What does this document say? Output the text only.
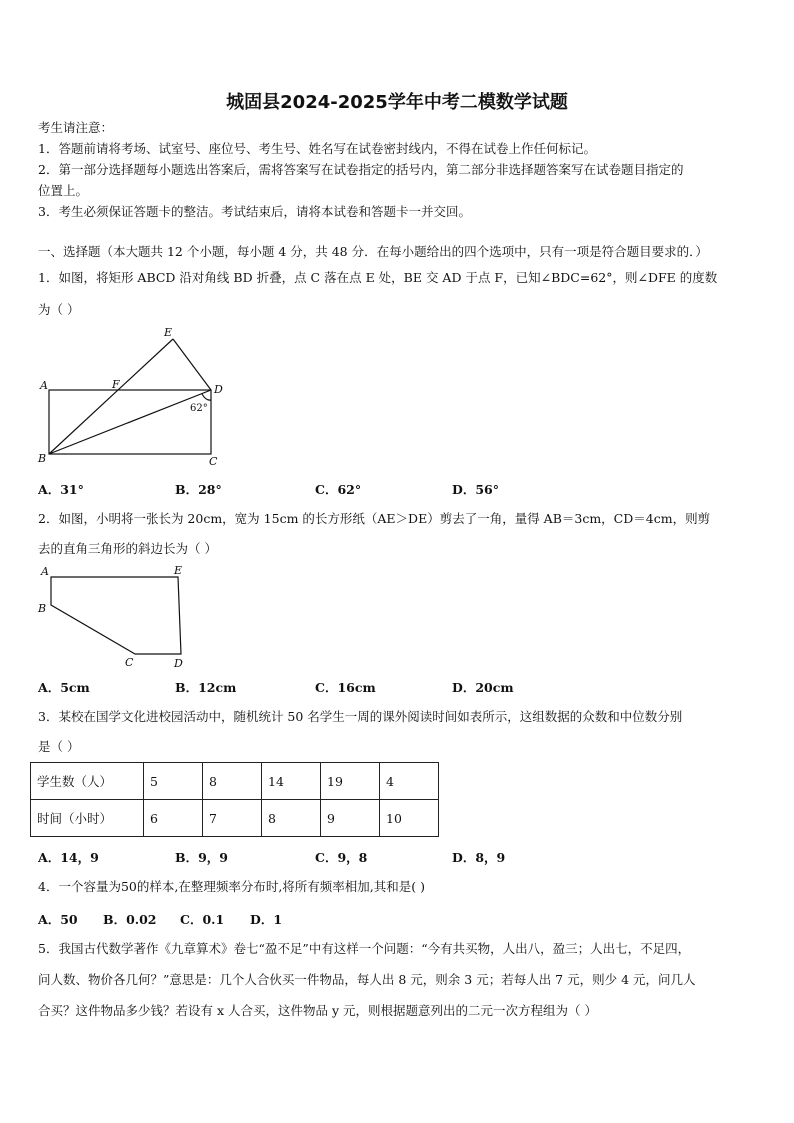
城固县2024-2025学年中考二模数学试题
考生请注意：
1．答题前请将考场、试室号、座位号、考生号、姓名写在试卷密封线内，不得在试卷上作任何标记。
2．第一部分选择题每小题选出答案后，需将答案写在试卷指定的括号内，第二部分非选择题答案写在试卷题目指定的
位置上。
3．考生必须保证答题卡的整洁。考试结束后，请将本试卷和答题卡一并交回。
一、选择题（本大题共 12 个小题，每小题 4 分，共 48 分．在每小题给出的四个选项中，只有一项是符合题目要求的．）
1．如图，将矩形 ABCD 沿对角线 BD 折叠，点 C 落在点 E 处，BE 交 AD 于点 F，已知∠BDC=62°，则∠DFE 的度数
为（ ）
E
A	F	D
B	C
62°
A．31°	B．28°	C．62°	D．56°
2．如图，小明将一张长为 20cm，宽为 15cm 的长方形纸（AE＞DE）剪去了一角，量得 AB＝3cm，CD＝4cm，则剪
去的直角三角形的斜边长为（ ）
A	E
B
C	D
A．5cm	B．12cm	C．16cm	D．20cm
3．某校在国学文化进校园活动中，随机统计 50 名学生一周的课外阅读时间如表所示，这组数据的众数和中位数分别
是（ ）
学生数（人）	5	8	14	19	4
时间（小时）	6	7	8	9	10
A．14，9	B．9，9	C．9，8	D．8，9
4．一个容量为50的样本,在整理频率分布时,将所有频率相加,其和是( )
A．50 B．0.02 C．0.1 D．1
5．我国古代数学著作《九章算术》卷七“盈不足”中有这样一个问题：“今有共买物，人出八，盈三；人出七，不足四，
问人数、物价各几何？”意思是：几个人合伙买一件物品，每人出 8 元，则余 3 元；若每人出 7 元，则少 4 元，问几人
合买？这件物品多少钱？若设有 x 人合买，这件物品 y 元，则根据题意列出的二元一次方程组为（ ）
